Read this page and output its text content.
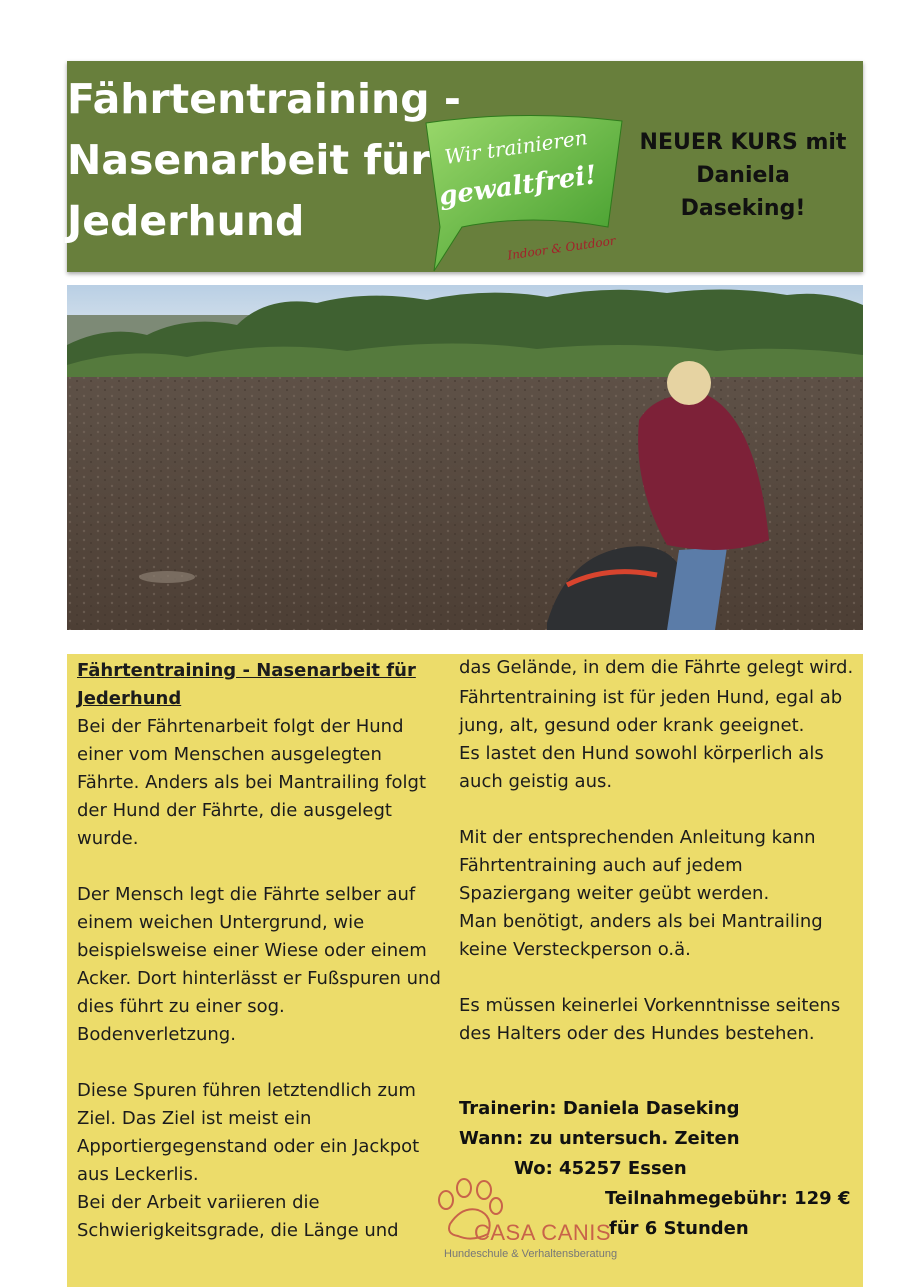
Fährtentraining -
Nasenarbeit für
Jederhund
Wir trainieren
gewaltfrei!
Indoor & Outdoor
NEUER KURS mit
Daniela
Daseking!

Fährtentraining - Nasenarbeit für Jederhund

Bei der Fährtenarbeit folgt der Hund einer vom Menschen ausgelegten Fährte. Anders als bei Mantrailing folgt der Hund der Fährte, die ausgelegt wurde.

Der Mensch legt die Fährte selber auf einem weichen Untergrund, wie beispielsweise einer Wiese oder einem Acker. Dort hinterlässt er Fußspuren und dies führt zu einer sog. Bodenverletzung.

Diese Spuren führen letztendlich zum Ziel. Das Ziel ist meist ein Apportiergegenstand oder ein Jackpot aus Leckerlis.

Bei der Arbeit variieren die Schwierigkeitsgrade, die Länge und

das Gelände, in dem die Fährte gelegt wird.

Fährtentraining ist für jeden Hund, egal ab jung, alt, gesund oder krank geeignet.

Es lastet den Hund sowohl körperlich als auch geistig aus.

Mit der entsprechenden Anleitung kann Fährtentraining auch auf jedem Spaziergang weiter geübt werden.

Man benötigt, anders als bei Mantrailing keine Versteckperson o.ä.

Es müssen keinerlei Vorkenntnisse seitens des Halters oder des Hundes bestehen.

Trainerin: Daniela Daseking
Wann: zu untersuch. Zeiten
Wo: 45257 Essen
Teilnahmegebühr: 129 €
für 6 Stunden
CASA CANIS
Hundeschule & Verhaltensberatung
